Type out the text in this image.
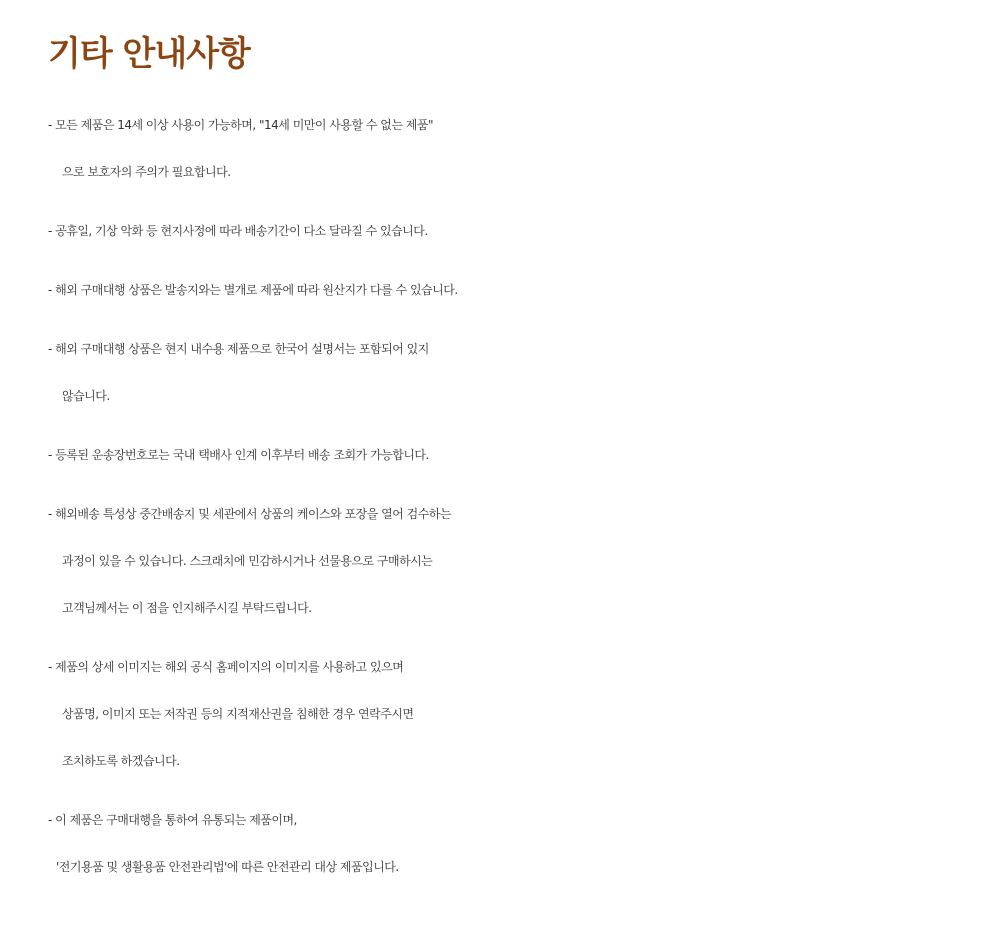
기타 안내사항
- 모든 제품은 14세 이상 사용이 가능하며, "14세 미만이 사용할 수 없는 제품"
으로 보호자의 주의가 필요합니다.
- 공휴일, 기상 악화 등 현지사정에 따라 배송기간이 다소 달라질 수 있습니다.
- 해외 구매대행 상품은 발송지와는 별개로 제품에 따라 원산지가 다를 수 있습니다.
- 해외 구매대행 상품은 현지 내수용 제품으로 한국어 설명서는 포함되어 있지
않습니다.
- 등록된 운송장번호로는 국내 택배사 인계 이후부터 배송 조회가 가능합니다.
- 해외배송 특성상 중간배송지 및 세관에서 상품의 케이스와 포장을 열어 검수하는
과정이 있을 수 있습니다. 스크래치에 민감하시거나 선물용으로 구매하시는
고객님께서는 이 점을 인지해주시길 부탁드립니다.
- 제품의 상세 이미지는 해외 공식 홈페이지의 이미지를 사용하고 있으며
상품명, 이미지 또는 저작권 등의 지적재산권을 침해한 경우 연락주시면
조치하도록 하겠습니다.
- 이 제품은 구매대행을 통하여 유통되는 제품이며,
'전기용품 및 생활용품 안전관리법'에 따른 안전관리 대상 제품입니다.
